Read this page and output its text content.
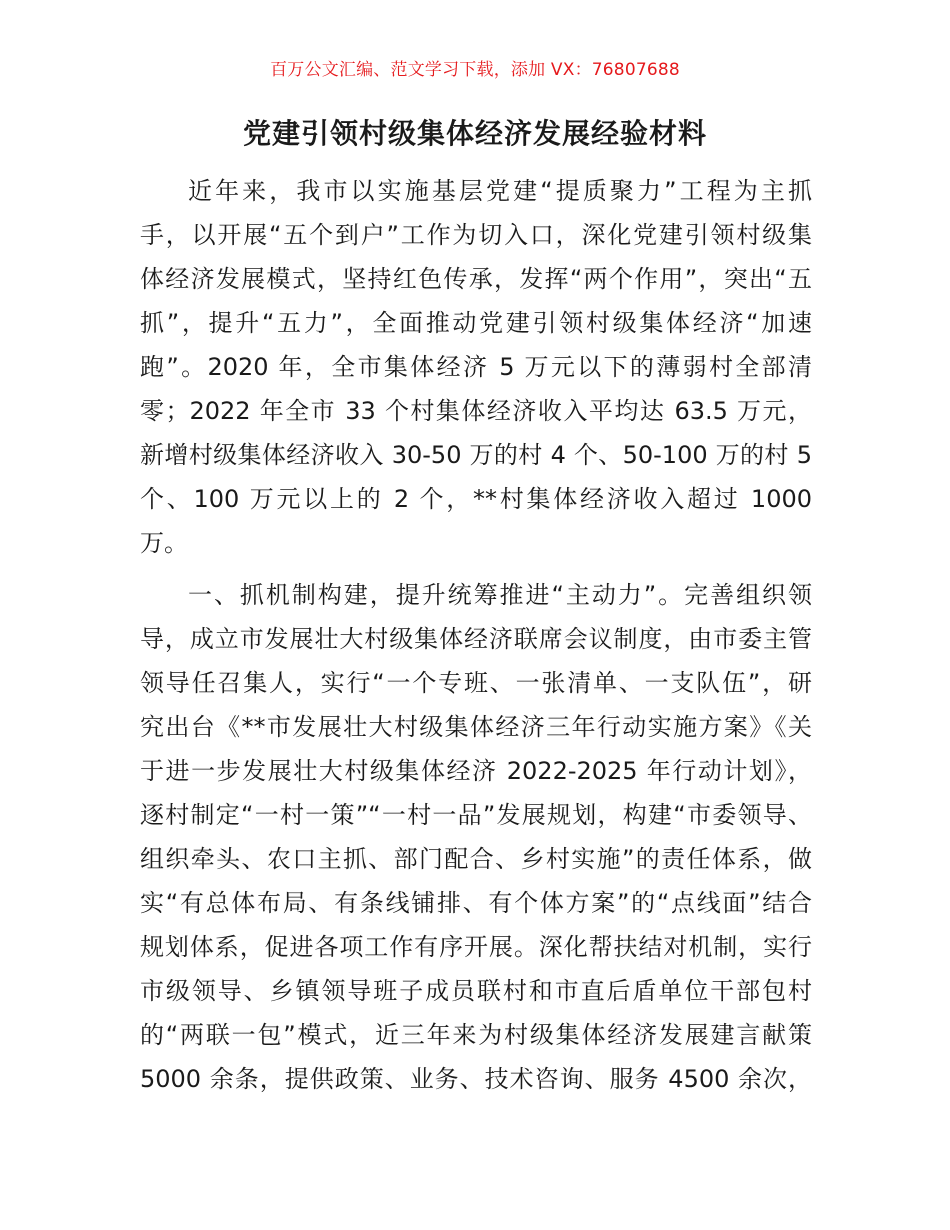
百万公文汇编、范文学习下载，添加 VX：76807688
党建引领村级集体经济发展经验材料
近年来，我市以实施基层党建“提质聚力”工程为主抓
手，以开展“五个到户”工作为切入口，深化党建引领村级集
体经济发展模式，坚持红色传承，发挥“两个作用”，突出“五
抓”，提升“五力”，全面推动党建引领村级集体经济“加速
跑”。2020 年，全市集体经济 5 万元以下的薄弱村全部清
零；2022 年全市 33 个村集体经济收入平均达 63.5 万元，
新增村级集体经济收入 30-50 万的村 4 个、50-100 万的村 5
个、100 万元以上的 2 个，**村集体经济收入超过 1000
万。
一、抓机制构建，提升统筹推进“主动力”。完善组织领
导，成立市发展壮大村级集体经济联席会议制度，由市委主管
领导任召集人，实行“一个专班、一张清单、一支队伍”，研
究出台《**市发展壮大村级集体经济三年行动实施方案》《关
于进一步发展壮大村级集体经济 2022-2025 年行动计划》，
逐村制定“一村一策”“一村一品”发展规划，构建“市委领导、
组织牵头、农口主抓、部门配合、乡村实施”的责任体系，做
实“有总体布局、有条线铺排、有个体方案”的“点线面”结合
规划体系，促进各项工作有序开展。深化帮扶结对机制，实行
市级领导、乡镇领导班子成员联村和市直后盾单位干部包村
的“两联一包”模式，近三年来为村级集体经济发展建言献策
5000 余条，提供政策、业务、技术咨询、服务 4500 余次，
